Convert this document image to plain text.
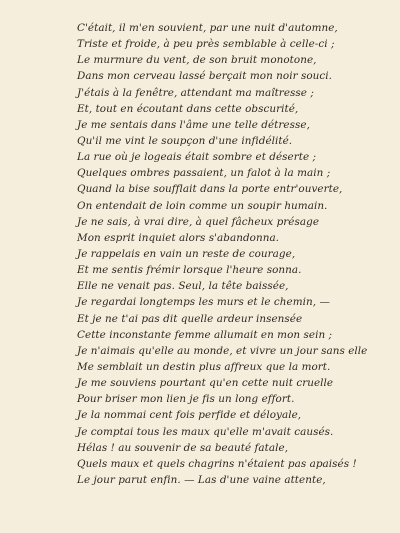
C'était, il m'en souvient, par une nuit d'automne,
Triste et froide, à peu près semblable à celle-ci ;
Le murmure du vent, de son bruit monotone,
Dans mon cerveau lassé berçait mon noir souci.
J'étais à la fenêtre, attendant ma maîtresse ;
Et, tout en écoutant dans cette obscurité,
Je me sentais dans l'âme une telle détresse,
Qu'il me vint le soupçon d'une infidélité.
La rue où je logeais était sombre et déserte ;
Quelques ombres passaient, un falot à la main ;
Quand la bise soufflait dans la porte entr'ouverte,
On entendait de loin comme un soupir humain.
Je ne sais, à vrai dire, à quel fâcheux présage
Mon esprit inquiet alors s'abandonna.
Je rappelais en vain un reste de courage,
Et me sentis frémir lorsque l'heure sonna.
Elle ne venait pas. Seul, la tête baissée,
Je regardai longtemps les murs et le chemin, —
Et je ne t'ai pas dit quelle ardeur insensée
Cette inconstante femme allumait en mon sein ;
Je n'aimais qu'elle au monde, et vivre un jour sans elle
Me semblait un destin plus affreux que la mort.
Je me souviens pourtant qu'en cette nuit cruelle
Pour briser mon lien je fis un long effort.
Je la nommai cent fois perfide et déloyale,
Je comptai tous les maux qu'elle m'avait causés.
Hélas ! au souvenir de sa beauté fatale,
Quels maux et quels chagrins n'étaient pas apaisés !
Le jour parut enfin. — Las d'une vaine attente,
